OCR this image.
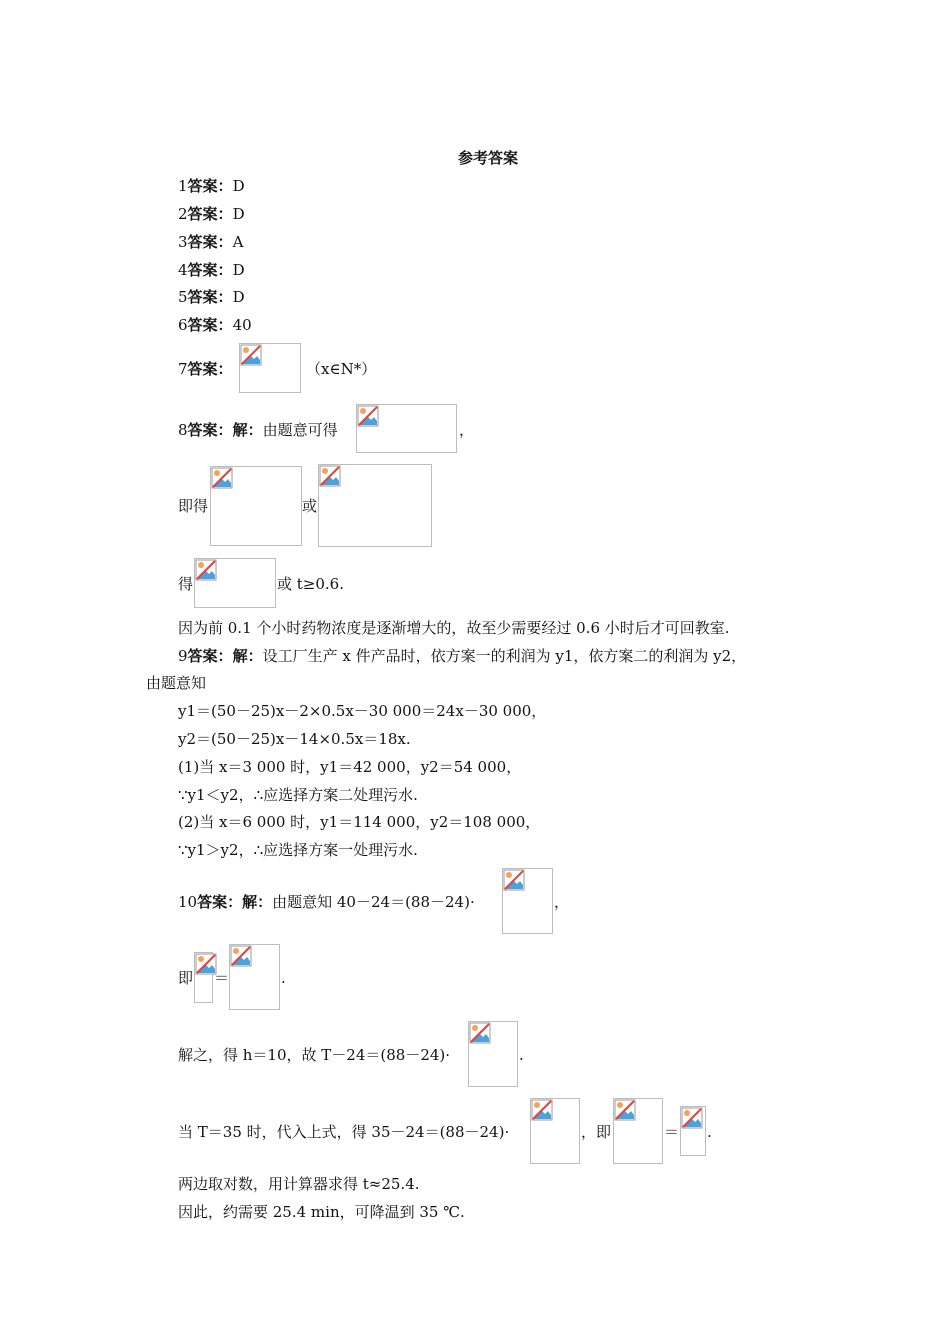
参考答案
1答案：D
2答案：D
3答案：A
4答案：D
5答案：D
6答案：40
7答案：	（x∈N*）
8答案：解：由题意可得	，
即得	或
得	或 t≥0.6.
因为前 0.1 个小时药物浓度是逐渐增大的，故至少需要经过 0.6 小时后才可回教室.
9答案：解：设工厂生产 x 件产品时，依方案一的利润为 y1，依方案二的利润为 y2，
由题意知
y1＝(50－25)x－2×0.5x－30 000＝24x－30 000，
y2＝(50－25)x－14×0.5x＝18x.
(1)当 x＝3 000 时，y1＝42 000，y2＝54 000，
∵y1＜y2，∴应选择方案二处理污水.
(2)当 x＝6 000 时，y1＝114 000，y2＝108 000，
∵y1＞y2，∴应选择方案一处理污水.
10答案：解：由题意知 40－24＝(88－24)·	，
即 ＝	.
解之，得 h＝10，故 T－24＝(88－24)·	.
当 T＝35 时，代入上式，得 35－24＝(88－24)·	，即	＝ .
两边取对数，用计算器求得 t≈25.4.
因此，约需要 25.4 min，可降温到 35 ℃.
